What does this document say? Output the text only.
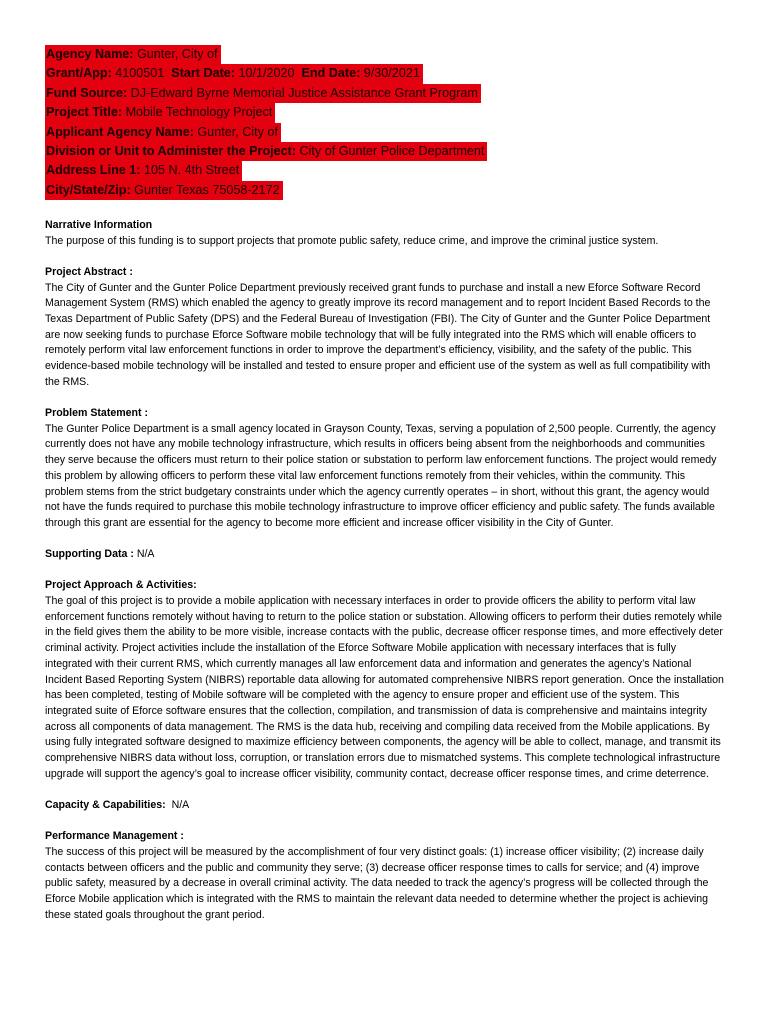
Agency Name: Gunter, City of
Grant/App: 4100501 Start Date: 10/1/2020 End Date: 9/30/2021
Fund Source: DJ-Edward Byrne Memorial Justice Assistance Grant Program
Project Title: Mobile Technology Project
Applicant Agency Name: Gunter, City of
Division or Unit to Administer the Project: City of Gunter Police Department
Address Line 1: 105 N. 4th Street
City/State/Zip: Gunter Texas 75058-2172
Narrative Information

The purpose of this funding is to support projects that promote public safety, reduce crime, and improve the criminal justice system.

Project Abstract :

The City of Gunter and the Gunter Police Department previously received grant funds to purchase and install a new Eforce Software Record Management System (RMS) which enabled the agency to greatly improve its record management and to report Incident Based Records to the Texas Department of Public Safety (DPS) and the Federal Bureau of Investigation (FBI). The City of Gunter and the Gunter Police Department are now seeking funds to purchase Eforce Software mobile technology that will be fully integrated into the RMS which will enable officers to remotely perform vital law enforcement functions in order to improve the department’s efficiency, visibility, and the safety of the public. This evidence-based mobile technology will be installed and tested to ensure proper and efficient use of the system as well as full compatibility with the RMS.

Problem Statement :

The Gunter Police Department is a small agency located in Grayson County, Texas, serving a population of 2,500 people. Currently, the agency currently does not have any mobile technology infrastructure, which results in officers being absent from the neighborhoods and communities they serve because the officers must return to their police station or substation to perform law enforcement functions. The project would remedy this problem by allowing officers to perform these vital law enforcement functions remotely from their vehicles, within the community. This problem stems from the strict budgetary constraints under which the agency currently operates – in short, without this grant, the agency would not have the funds required to purchase this mobile technology infrastructure to improve officer efficiency and public safety. The funds available through this grant are essential for the agency to become more efficient and increase officer visibility in the City of Gunter.

Supporting Data : N/A

Project Approach & Activities:

The goal of this project is to provide a mobile application with necessary interfaces in order to provide officers the ability to perform vital law enforcement functions remotely without having to return to the police station or substation. Allowing officers to perform their duties remotely while in the field gives them the ability to be more visible, increase contacts with the public, decrease officer response times, and more effectively deter criminal activity. Project activities include the installation of the Eforce Software Mobile application with necessary interfaces that is fully integrated with their current RMS, which currently manages all law enforcement data and information and generates the agency’s National Incident Based Reporting System (NIBRS) reportable data allowing for automated comprehensive NIBRS report generation. Once the installation has been completed, testing of Mobile software will be completed with the agency to ensure proper and efficient use of the system. This integrated suite of Eforce software ensures that the collection, compilation, and transmission of data is comprehensive and maintains integrity across all components of data management. The RMS is the data hub, receiving and compiling data received from the Mobile applications. By using fully integrated software designed to maximize efficiency between components, the agency will be able to collect, manage, and transmit its comprehensive NIBRS data without loss, corruption, or translation errors due to mismatched systems. This complete technological infrastructure upgrade will support the agency’s goal to increase officer visibility, community contact, decrease officer response times, and crime deterrence.

Capacity & Capabilities:  N/A

Performance Management :

The success of this project will be measured by the accomplishment of four very distinct goals: (1) increase officer visibility; (2) increase daily contacts between officers and the public and community they serve; (3) decrease officer response times to calls for service; and (4) improve public safety, measured by a decrease in overall criminal activity. The data needed to track the agency’s progress will be collected through the Eforce Mobile application which is integrated with the RMS to maintain the relevant data needed to determine whether the project is achieving these stated goals throughout the grant period.
